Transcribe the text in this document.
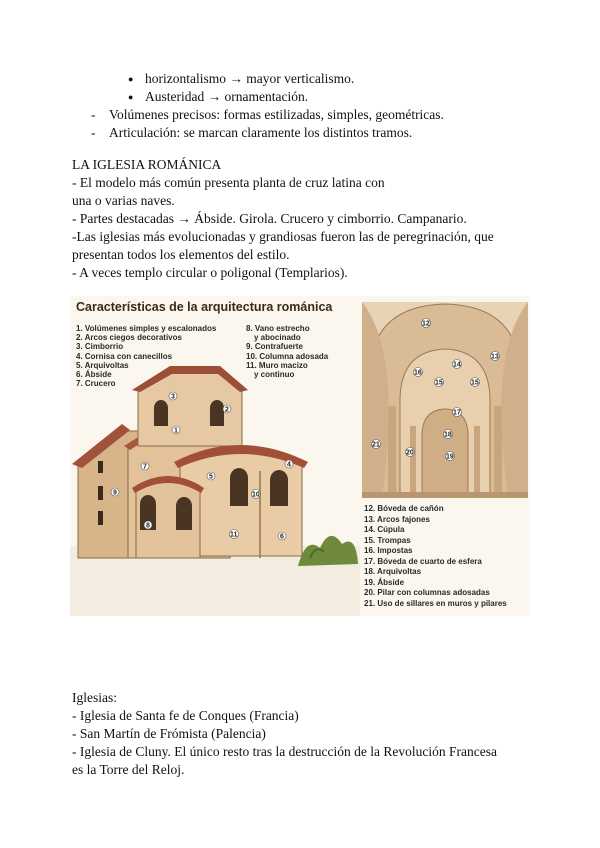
● horizontalismo → mayor verticalismo.
● Austeridad → ornamentación.
- Volúmenes precisos: formas estilizadas, simples, geométricas.
- Articulación: se marcan claramente los distintos tramos.
LA IGLESIA ROMÁNICA
- El modelo más común presenta planta de cruz latina con
una o varias naves.
- Partes destacadas → Ábside. Girola. Crucero y cimborrio. Campanario.
-Las iglesias más evolucionadas y grandiosas fueron las de peregrinación, que
presentan todos los elementos del estilo.
- A veces templo circular o poligonal (Templarios).
1
2
3
4
5
6
7
8
9	10
11
12
13
14
15	15
16
17
18
19
20
21
Características de la arquitectura románica
1. Volúmenes simples y escalonados
2. Arcos ciegos decorativos
3. Cimborrio
4. Cornisa con canecillos
5. Arquivoltas
6. Ábside
7. Crucero
8. Vano estrecho
y abocinado
9. Contrafuerte
10. Columna adosada
11. Muro macizo
y continuo
12. Bóveda de cañón
13. Arcos fajones
14. Cúpula
15. Trompas
16. Impostas
17. Bóveda de cuarto de esfera
18. Arquivoltas
19. Ábside
20. Pilar con columnas adosadas
21. Uso de sillares en muros y pilares
Iglesias:
- Iglesia de Santa fe de Conques (Francia)
- San Martín de Frómista (Palencia)
- Iglesia de Cluny. El único resto tras la destrucción de la Revolución Francesa
es la Torre del Reloj.
